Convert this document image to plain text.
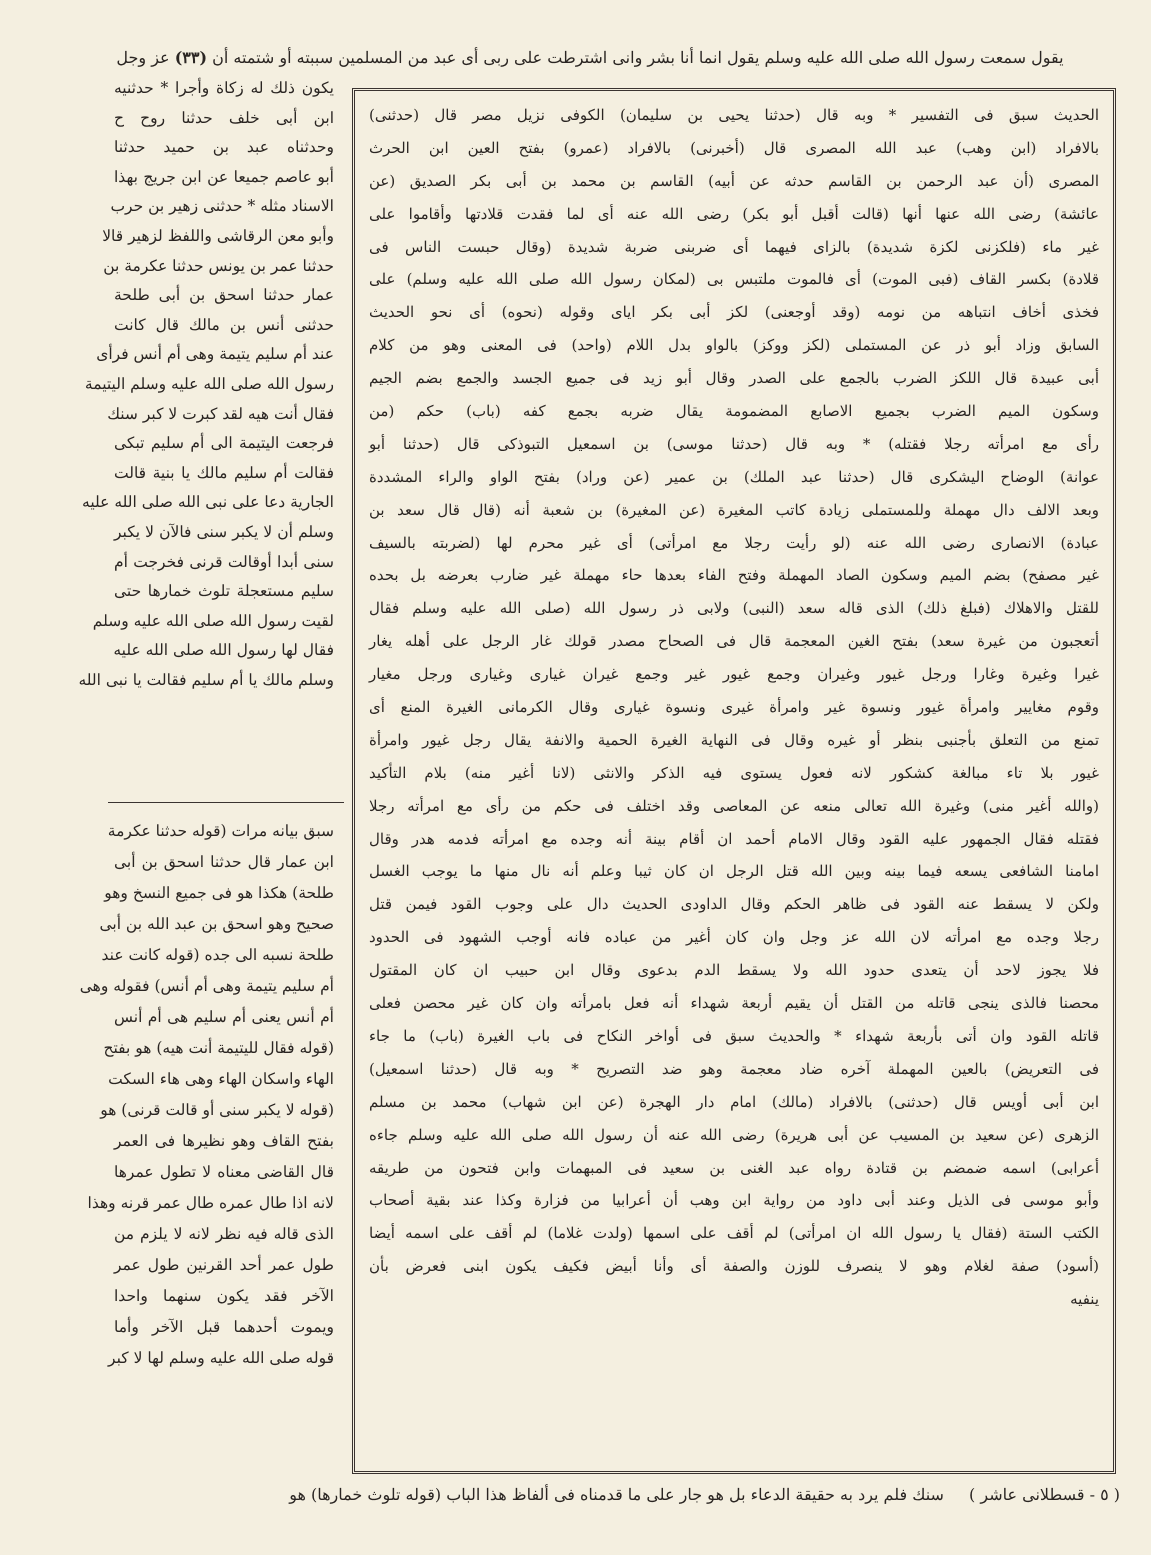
يقول سمعت رسول الله صلى الله عليه وسلم يقول انما أنا بشر وانى اشترطت على ربى أى عبد من المسلمين سببته أو شتمته أن (٣٣) عز وجل
يكون ذلك له زكاة وأجرا * حدثنيه
ابن أبى خلف حدثنا روح ح
وحدثناه عبد بن حميد حدثنا
أبو عاصم جميعا عن ابن جريج بهذا
الاسناد مثله * حدثنى زهير بن حرب
وأبو معن الرقاشى واللفظ لزهير قالا
حدثنا عمر بن يونس حدثنا عكرمة بن
عمار حدثنا اسحق بن أبى طلحة
حدثنى أنس بن مالك قال كانت
عند أم سليم يتيمة وهى أم أنس فرأى
رسول الله صلى الله عليه وسلم اليتيمة
فقال أنت هيه لقد كبرت لا كبر سنك
فرجعت اليتيمة الى أم سليم تبكى
فقالت أم سليم مالك يا بنية قالت
الجارية دعا على نبى الله صلى الله عليه
وسلم أن لا يكبر سنى فالآن لا يكبر
سنى أبدا أوقالت قرنى فخرجت أم
سليم مستعجلة تلوث خمارها حتى
لقيت رسول الله صلى الله عليه وسلم
فقال لها رسول الله صلى الله عليه
وسلم مالك يا أم سليم فقالت يا نبى الله
سبق بيانه مرات (قوله حدثنا عكرمة
ابن عمار قال حدثنا اسحق بن أبى
طلحة) هكذا هو فى جميع النسخ وهو
صحيح وهو اسحق بن عبد الله بن أبى
طلحة نسبه الى جده (قوله كانت عند
أم سليم يتيمة وهى أم أنس) فقوله وهى
أم أنس يعنى أم سليم هى أم أنس
(قوله فقال لليتيمة أنت هيه) هو بفتح
الهاء واسكان الهاء وهى هاء السكت
(قوله لا يكبر سنى أو قالت قرنى) هو
بفتح القاف وهو نظيرها فى العمر
قال القاضى معناه لا تطول عمرها
لانه اذا طال عمره طال عمر قرنه وهذا
الذى قاله فيه نظر لانه لا يلزم من
طول عمر أحد القرنين طول عمر
الآخر فقد يكون سنهما واحدا
ويموت أحدهما قبل الآخر وأما
قوله صلى الله عليه وسلم لها لا كبر
الحديث سبق فى التفسير * وبه قال (حدثنا يحيى بن سليمان) الكوفى نزيل مصر قال (حدثنى)
بالافراد (ابن وهب) عبد الله المصرى قال (أخبرنى) بالافراد (عمرو) بفتح العين ابن الحرث
المصرى (أن عبد الرحمن بن القاسم حدثه عن أبيه) القاسم بن محمد بن أبى بكر الصديق (عن
عائشة) رضى الله عنها أنها (قالت أقبل أبو بكر) رضى الله عنه أى لما فقدت قلادتها وأقاموا على
غير ماء (فلكزنى لكزة شديدة) بالزاى فيهما أى ضربنى ضربة شديدة (وقال حبست الناس فى
قلادة) بكسر القاف (فبى الموت) أى فالموت ملتبس بى (لمكان رسول الله صلى الله عليه وسلم) على
فخذى أخاف انتباهه من نومه (وقد أوجعنى) لكز أبى بكر اياى وقوله (نحوه) أى نحو الحديث
السابق وزاد أبو ذر عن المستملى (لكز ووكز) بالواو بدل اللام (واحد) فى المعنى وهو من كلام
أبى عبيدة قال اللكز الضرب بالجمع على الصدر وقال أبو زيد فى جميع الجسد والجمع بضم الجيم
وسكون الميم الضرب بجميع الاصابع المضمومة يقال ضربه بجمع كفه (باب) حكم (من
رأى مع امرأته رجلا فقتله) * وبه قال (حدثنا موسى) بن اسمعيل التبوذكى قال (حدثنا أبو
عوانة) الوضاح اليشكرى قال (حدثنا عبد الملك) بن عمير (عن وراد) بفتح الواو والراء المشددة
وبعد الالف دال مهملة وللمستملى زيادة كاتب المغيرة (عن المغيرة) بن شعبة أنه (قال قال سعد بن
عبادة) الانصارى رضى الله عنه (لو رأيت رجلا مع امرأتى) أى غير محرم لها (لضربته بالسيف
غير مصفح) بضم الميم وسكون الصاد المهملة وفتح الفاء بعدها حاء مهملة غير ضارب بعرضه بل بحده
للقتل والاهلاك (فبلغ ذلك) الذى قاله سعد (النبى) ولابى ذر رسول الله (صلى الله عليه وسلم فقال
أتعجبون من غيرة سعد) بفتح الغين المعجمة قال فى الصحاح مصدر قولك غار الرجل على أهله يغار
غيرا وغيرة وغارا ورجل غيور وغيران وجمع غيور غير وجمع غيران غيارى وغيارى ورجل مغيار
وقوم مغايير وامرأة غيور ونسوة غير وامرأة غيرى ونسوة غيارى وقال الكرمانى الغيرة المنع أى
تمنع من التعلق بأجنبى بنظر أو غيره وقال فى النهاية الغيرة الحمية والانفة يقال رجل غيور وامرأة
غيور بلا تاء مبالغة كشكور لانه فعول يستوى فيه الذكر والانثى (لانا أغير منه) بلام التأكيد
(والله أغير منى) وغيرة الله تعالى منعه عن المعاصى وقد اختلف فى حكم من رأى مع امرأته رجلا
فقتله فقال الجمهور عليه القود وقال الامام أحمد ان أقام بينة أنه وجده مع امرأته فدمه هدر وقال
امامنا الشافعى يسعه فيما بينه وبين الله قتل الرجل ان كان ثيبا وعلم أنه نال منها ما يوجب الغسل
ولكن لا يسقط عنه القود فى ظاهر الحكم وقال الداودى الحديث دال على وجوب القود فيمن قتل
رجلا وجده مع امرأته لان الله عز وجل وان كان أغير من عباده فانه أوجب الشهود فى الحدود
فلا يجوز لاحد أن يتعدى حدود الله ولا يسقط الدم بدعوى وقال ابن حبيب ان كان المقتول
محصنا فالذى ينجى قاتله من القتل أن يقيم أربعة شهداء أنه فعل بامرأته وان كان غير محصن فعلى
قاتله القود وان أتى بأربعة شهداء * والحديث سبق فى أواخر النكاح فى باب الغيرة (باب) ما جاء
فى التعريض) بالعين المهملة آخره ضاد معجمة وهو ضد التصريح * وبه قال (حدثنا اسمعيل)
ابن أبى أويس قال (حدثنى) بالافراد (مالك) امام دار الهجرة (عن ابن شهاب) محمد بن مسلم
الزهرى (عن سعيد بن المسيب عن أبى هريرة) رضى الله عنه أن رسول الله صلى الله عليه وسلم جاءه
أعرابى) اسمه ضمضم بن قتادة رواه عبد الغنى بن سعيد فى المبهمات وابن فتحون من طريقه
وأبو موسى فى الذيل وعند أبى داود من رواية ابن وهب أن أعرابيا من فزارة وكذا عند بقية أصحاب
الكتب الستة (فقال يا رسول الله ان امرأتى) لم أقف على اسمها (ولدت غلاما) لم أقف على اسمه أيضا
(أسود) صفة لغلام وهو لا ينصرف للوزن والصفة أى وأنا أبيض فكيف يكون ابنى فعرض بأن
ينفيه
( ٥ - قسطلانى عاشر ) سنك فلم يرد به حقيقة الدعاء بل هو جار على ما قدمناه فى ألفاظ هذا الباب (قوله تلوث خمارها) هو
